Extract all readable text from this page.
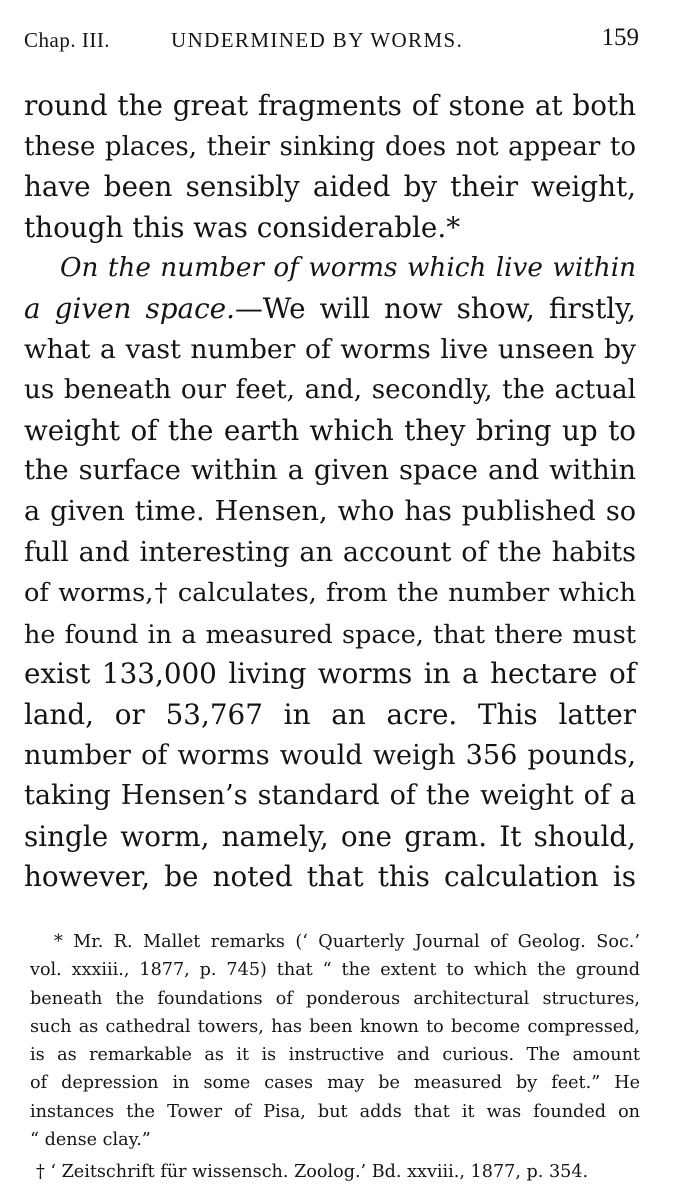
Chap. III.	UNDERMINED BY WORMS.	159
round the great fragments of stone at both
these places, their sinking does not appear to
have been sensibly aided by their weight,
though this was considerable.*
On the number of worms which live within
a given space.—We will now show, firstly,
what a vast number of worms live unseen by
us beneath our feet, and, secondly, the actual
weight of the earth which they bring up to
the surface within a given space and within
a given time. Hensen, who has published so
full and interesting an account of the habits
of worms,† calculates, from the number which
he found in a measured space, that there must
exist 133,000 living worms in a hectare of
land, or 53,767 in an acre. This latter
number of worms would weigh 356 pounds,
taking Hensen’s standard of the weight of a
single worm, namely, one gram. It should,
however, be noted that this calculation is
* Mr. R. Mallet remarks (‘ Quarterly Journal of Geolog. Soc.’
vol. xxxiii., 1877, p. 745) that “ the extent to which the ground
beneath the foundations of ponderous architectural structures,
such as cathedral towers, has been known to become compressed,
is as remarkable as it is instructive and curious. The amount
of depression in some cases may be measured by feet.” He
instances the Tower of Pisa, but adds that it was founded on
“ dense clay.”
† ‘ Zeitschrift für wissensch. Zoolog.’ Bd. xxviii., 1877, p. 354.
